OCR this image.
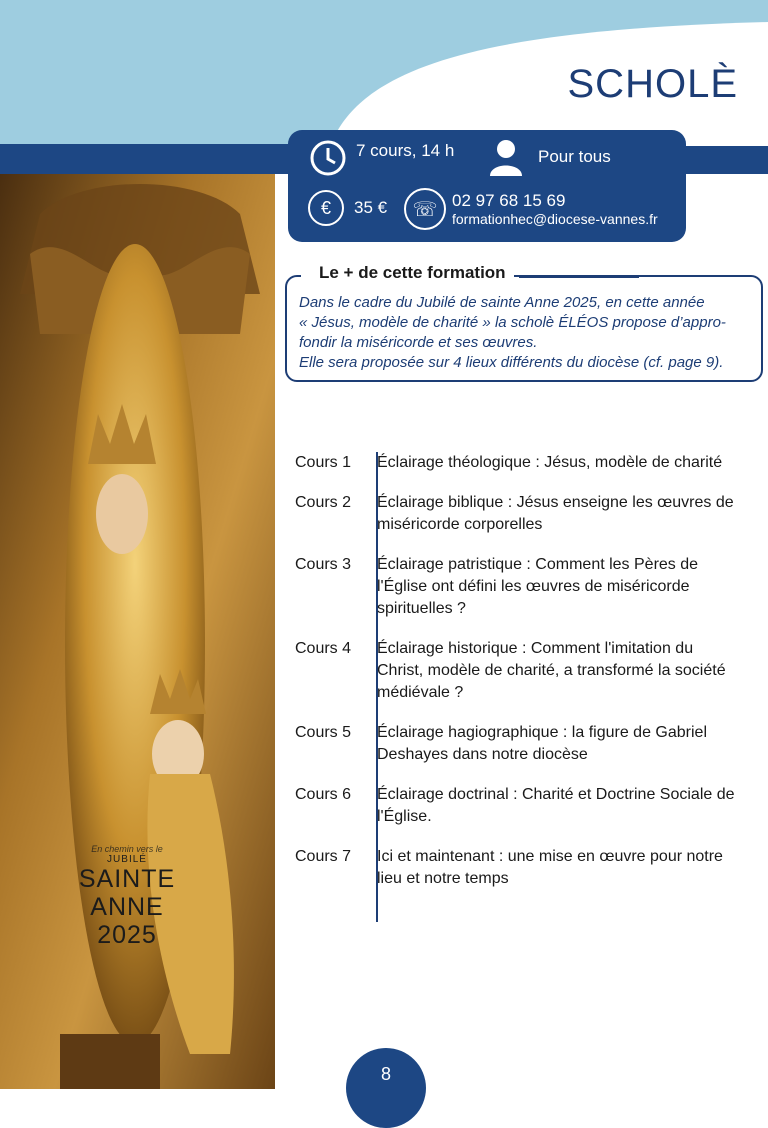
SCHOLÈ
7 cours, 14 h	Pour tous
€	35 €	☏ 02 97 68 15 69
formationhec@diocese-vannes.fr
En chemin vers le
JUBILÉ
SAINTE
ANNE
2025
Le + de cette formation
Dans le cadre du Jubilé de sainte Anne 2025, en cette année
« Jésus, modèle de charité » la scholè ÉLÉOS propose d’appro-
fondir la miséricorde et ses œuvres.
Elle sera proposée sur 4 lieux différents du diocèse (cf. page 9).
Cours 1	Éclairage théologique : Jésus, modèle de charité
Cours 2	Éclairage biblique : Jésus enseigne les œuvres de
miséricorde corporelles
Cours 3	Éclairage patristique : Comment les Pères de
l'Église ont défini les œuvres de miséricorde
spirituelles ?
Cours 4	Éclairage historique : Comment l'imitation du
Christ, modèle de charité, a transformé la société
médiévale ?
Cours 5	Éclairage hagiographique : la figure de Gabriel
Deshayes dans notre diocèse
Cours 6	Éclairage doctrinal : Charité et Doctrine Sociale de
l'Église.
Cours 7	Ici et maintenant : une mise en œuvre pour notre
lieu et notre temps
8
